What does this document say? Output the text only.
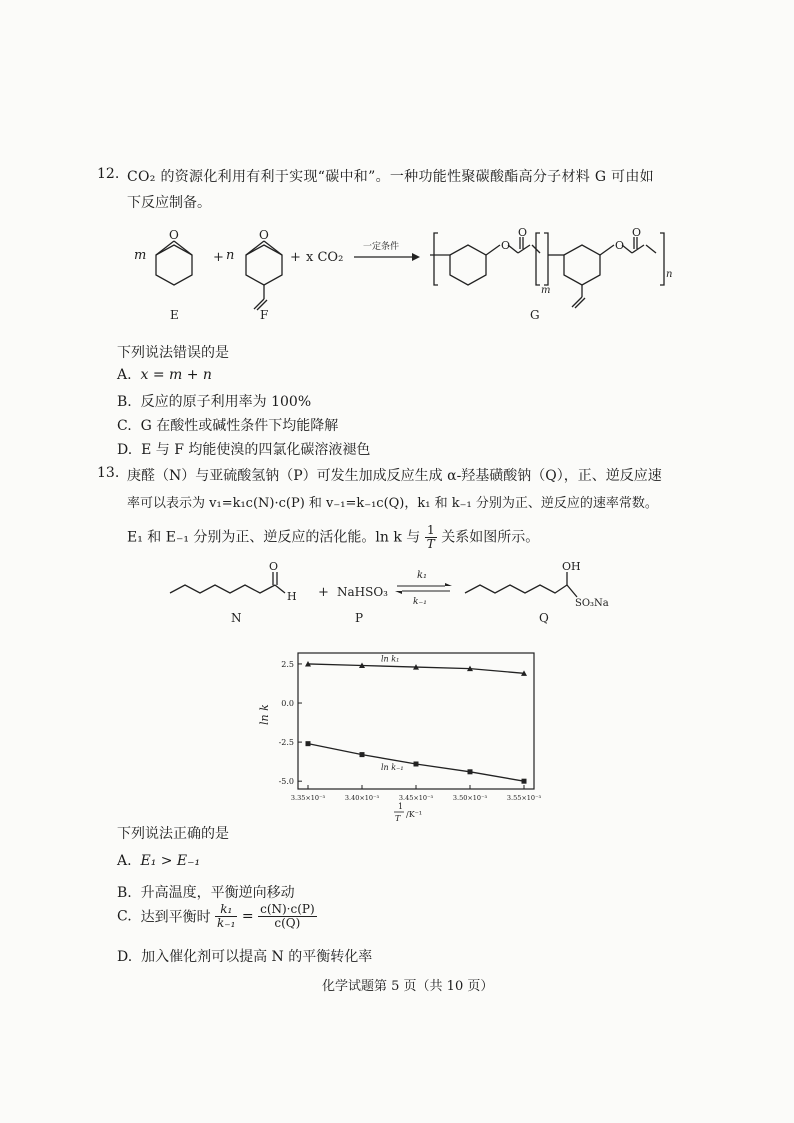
12. CO₂ 的资源化利用有利于实现“碳中和”。一种功能性聚碳酸酯高分子材料 G 可由如
下反应制备。
m
O
+ n
O
+ x CO₂
一定条件	O
O
O
O
m
n
E	F	G
下列说法错误的是
A. x = m + n
B. 反应的原子利用率为 100%
C. G 在酸性或碱性条件下均能降解
D. E 与 F 均能使溴的四氯化碳溶液褪色
13. 庚醛（N）与亚硫酸氢钠（P）可发生加成反应生成 α-羟基磺酸钠（Q），正、逆反应速
率可以表示为 v₁=k₁c(N)·c(P) 和 v₋₁=k₋₁c(Q)，k₁ 和 k₋₁ 分别为正、逆反应的速率常数。
E₁ 和 E₋₁ 分别为正、逆反应的活化能。ln k 与 $\frac{1}{T}$ 关系如图所示。
O
H
N
+ NaHSO₃
P
k₁
k₋₁
OH
SO₃Na
Q
2.5
0.0
-2.5
-5.0
3.35×10⁻³	3.40×10⁻³	3.45×10⁻³	3.50×10⁻³	3.55×10⁻³
ln k₁
ln k₋₁
ln k
1
T /K⁻¹
下列说法正确的是
A. E₁ > E₋₁
B. 升高温度，平衡逆向移动
C. 达到平衡时 $\frac{\text{k₁}}{\text{k₋₁}} = \frac{c(N)\cdot c(P)}{c(Q)}$
D. 加入催化剂可以提高 N 的平衡转化率
化学试题第 5 页（共 10 页）
